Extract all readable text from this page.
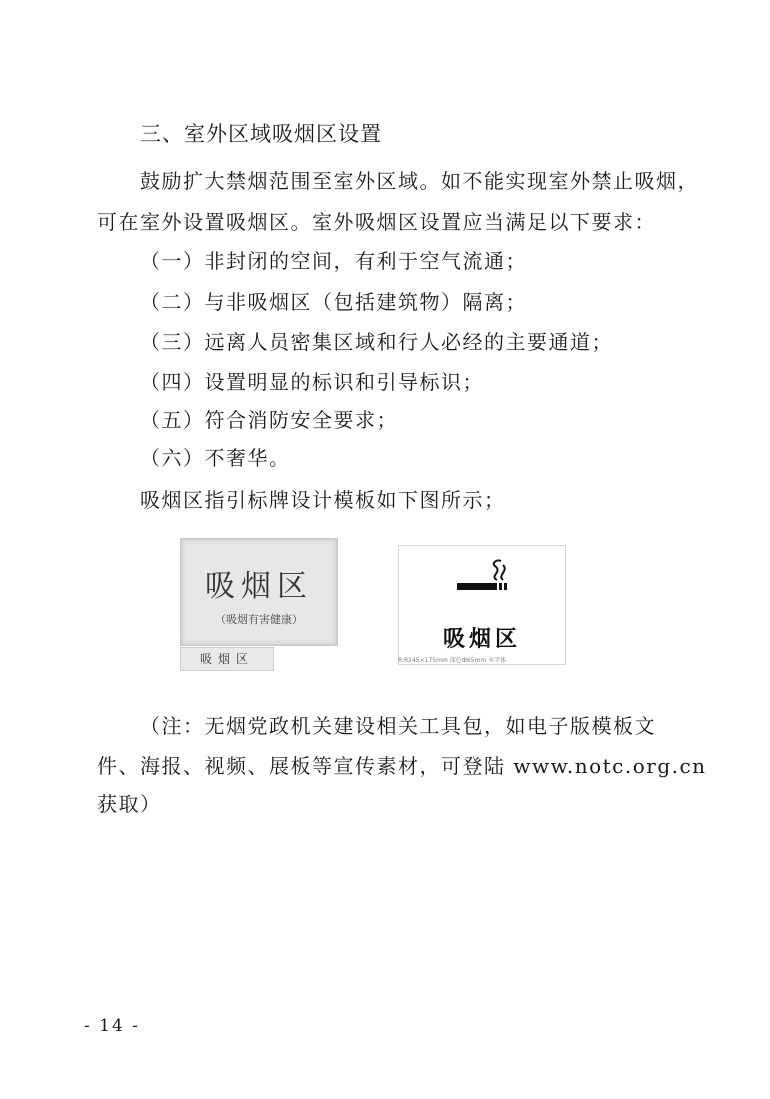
三、室外区域吸烟区设置
鼓励扩大禁烟范围至室外区域。如不能实现室外禁止吸烟，
可在室外设置吸烟区。室外吸烟区设置应当满足以下要求：
（一）非封闭的空间，有利于空气流通；
（二）与非吸烟区（包括建筑物）隔离；
（三）远离人员密集区域和行人必经的主要通道；
（四）设置明显的标识和引导标识；
（五）符合消防安全要求；
（六）不奢华。
吸烟区指引标牌设计模板如下图所示；
吸烟区
（吸烟有害健康）
吸烟区
吸烟区
R:R245×175mm 深色Ф65mm 米字体
（注：无烟党政机关建设相关工具包，如电子版模板文
件、海报、视频、展板等宣传素材，可登陆 www.notc.org.cn
获取）
- 14 -
